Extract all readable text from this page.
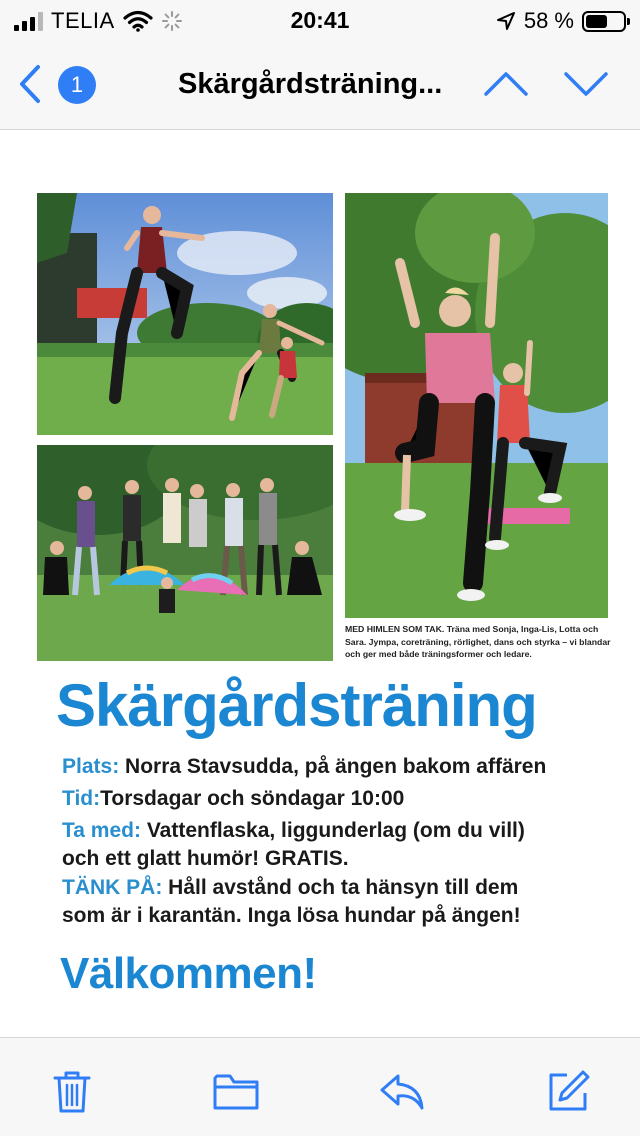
TELIA	20:41	58 %
1	Skärgårdsträning...
MED HIMLEN SOM TAK. Träna med Sonja, Inga-Lis, Lotta och
Sara. Jympa, coreträning, rörlighet, dans och styrka – vi blandar
och ger med både träningsformer och ledare.
Skärgårdsträning
Plats: Norra Stavsudda, på ängen bakom affären
Tid:Torsdagar och söndagar 10:00
Ta med: Vattenflaska, liggunderlag (om du vill)
och ett glatt humör! GRATIS.
TÄNK PÅ: Håll avstånd och ta hänsyn till dem
som är i karantän. Inga lösa hundar på ängen!
Välkommen!
